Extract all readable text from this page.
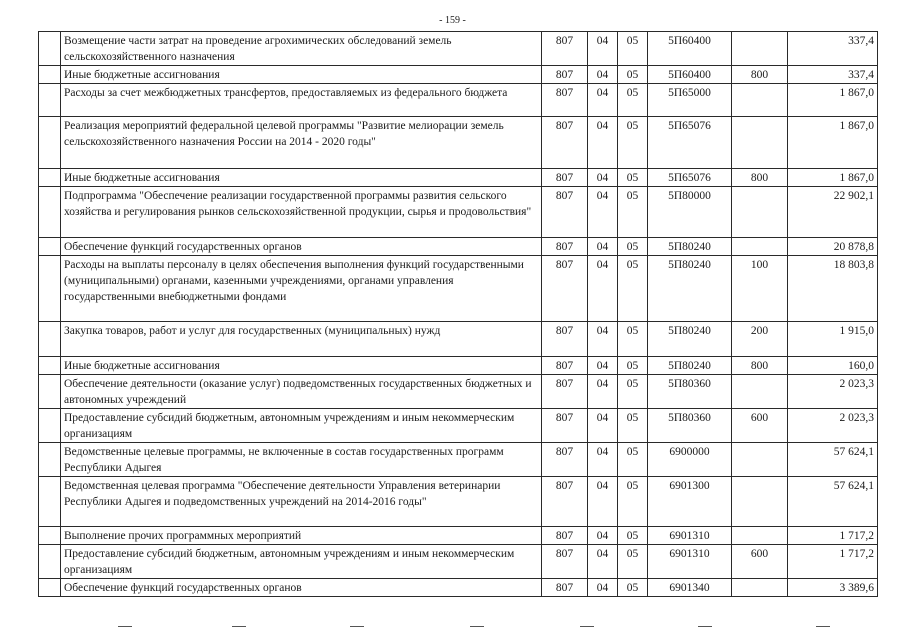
- 159 -
	Возмещение части затрат на проведение агрохимических обследований земель сельскохозяйственного назначения	807	04	05	5П60400		337,4
	Иные бюджетные ассигнования	807	04	05	5П60400	800	337,4
	Расходы за счет межбюджетных трансфертов, предоставляемых из федерального бюджета	807	04	05	5П65000		1 867,0
	Реализация мероприятий федеральной целевой программы "Развитие мелиорации земель сельскохозяйственного назначения России на 2014 - 2020 годы"	807	04	05	5П65076		1 867,0
	Иные бюджетные ассигнования	807	04	05	5П65076	800	1 867,0
	Подпрограмма "Обеспечение реализации государственной программы развития сельского хозяйства и регулирования рынков сельскохозяйственной продукции, сырья и продовольствия"	807	04	05	5П80000		22 902,1
	Обеспечение функций государственных органов	807	04	05	5П80240		20 878,8
	Расходы на выплаты персоналу в целях обеспечения выполнения функций государственными (муниципальными) органами, казенными учреждениями, органами управления государственными внебюджетными фондами	807	04	05	5П80240	100	18 803,8
	Закупка товаров, работ и услуг для государственных (муниципальных) нужд	807	04	05	5П80240	200	1 915,0
	Иные бюджетные ассигнования	807	04	05	5П80240	800	160,0
	Обеспечение деятельности (оказание услуг) подведомственных государственных бюджетных и автономных учреждений	807	04	05	5П80360		2 023,3
	Предоставление субсидий бюджетным, автономным учреждениям и иным некоммерческим организациям	807	04	05	5П80360	600	2 023,3
	Ведомственные целевые программы, не включенные в состав государственных программ Республики Адыгея	807	04	05	6900000		57 624,1
	Ведомственная целевая программа "Обеспечение деятельности Управления ветеринарии Республики Адыгея и подведомственных учреждений на 2014-2016 годы"	807	04	05	6901300		57 624,1
	Выполнение прочих программных мероприятий	807	04	05	6901310		1 717,2
	Предоставление субсидий бюджетным, автономным учреждениям и иным некоммерческим организациям	807	04	05	6901310	600	1 717,2
	Обеспечение функций государственных органов	807	04	05	6901340		3 389,6
